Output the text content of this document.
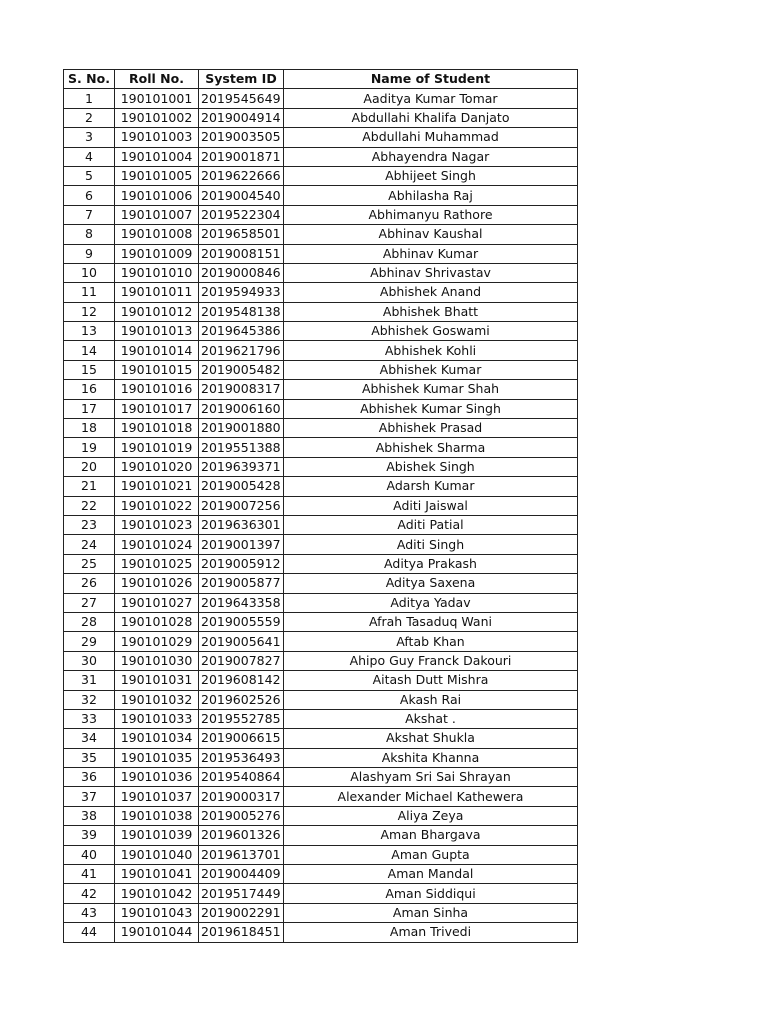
S. No.	Roll No.	System ID	Name of Student
1	190101001	2019545649	Aaditya Kumar Tomar
2	190101002	2019004914	Abdullahi Khalifa Danjato
3	190101003	2019003505	Abdullahi Muhammad
4	190101004	2019001871	Abhayendra Nagar
5	190101005	2019622666	Abhijeet Singh
6	190101006	2019004540	Abhilasha Raj
7	190101007	2019522304	Abhimanyu Rathore
8	190101008	2019658501	Abhinav Kaushal
9	190101009	2019008151	Abhinav Kumar
10	190101010	2019000846	Abhinav Shrivastav
11	190101011	2019594933	Abhishek Anand
12	190101012	2019548138	Abhishek Bhatt
13	190101013	2019645386	Abhishek Goswami
14	190101014	2019621796	Abhishek Kohli
15	190101015	2019005482	Abhishek Kumar
16	190101016	2019008317	Abhishek Kumar Shah
17	190101017	2019006160	Abhishek Kumar Singh
18	190101018	2019001880	Abhishek Prasad
19	190101019	2019551388	Abhishek Sharma
20	190101020	2019639371	Abishek Singh
21	190101021	2019005428	Adarsh Kumar
22	190101022	2019007256	Aditi Jaiswal
23	190101023	2019636301	Aditi Patial
24	190101024	2019001397	Aditi Singh
25	190101025	2019005912	Aditya Prakash
26	190101026	2019005877	Aditya Saxena
27	190101027	2019643358	Aditya Yadav
28	190101028	2019005559	Afrah Tasaduq Wani
29	190101029	2019005641	Aftab Khan
30	190101030	2019007827	Ahipo Guy Franck Dakouri
31	190101031	2019608142	Aitash Dutt Mishra
32	190101032	2019602526	Akash Rai
33	190101033	2019552785	Akshat .
34	190101034	2019006615	Akshat Shukla
35	190101035	2019536493	Akshita Khanna
36	190101036	2019540864	Alashyam Sri Sai Shrayan
37	190101037	2019000317	Alexander Michael Kathewera
38	190101038	2019005276	Aliya Zeya
39	190101039	2019601326	Aman Bhargava
40	190101040	2019613701	Aman Gupta
41	190101041	2019004409	Aman Mandal
42	190101042	2019517449	Aman Siddiqui
43	190101043	2019002291	Aman Sinha
44	190101044	2019618451	Aman Trivedi
